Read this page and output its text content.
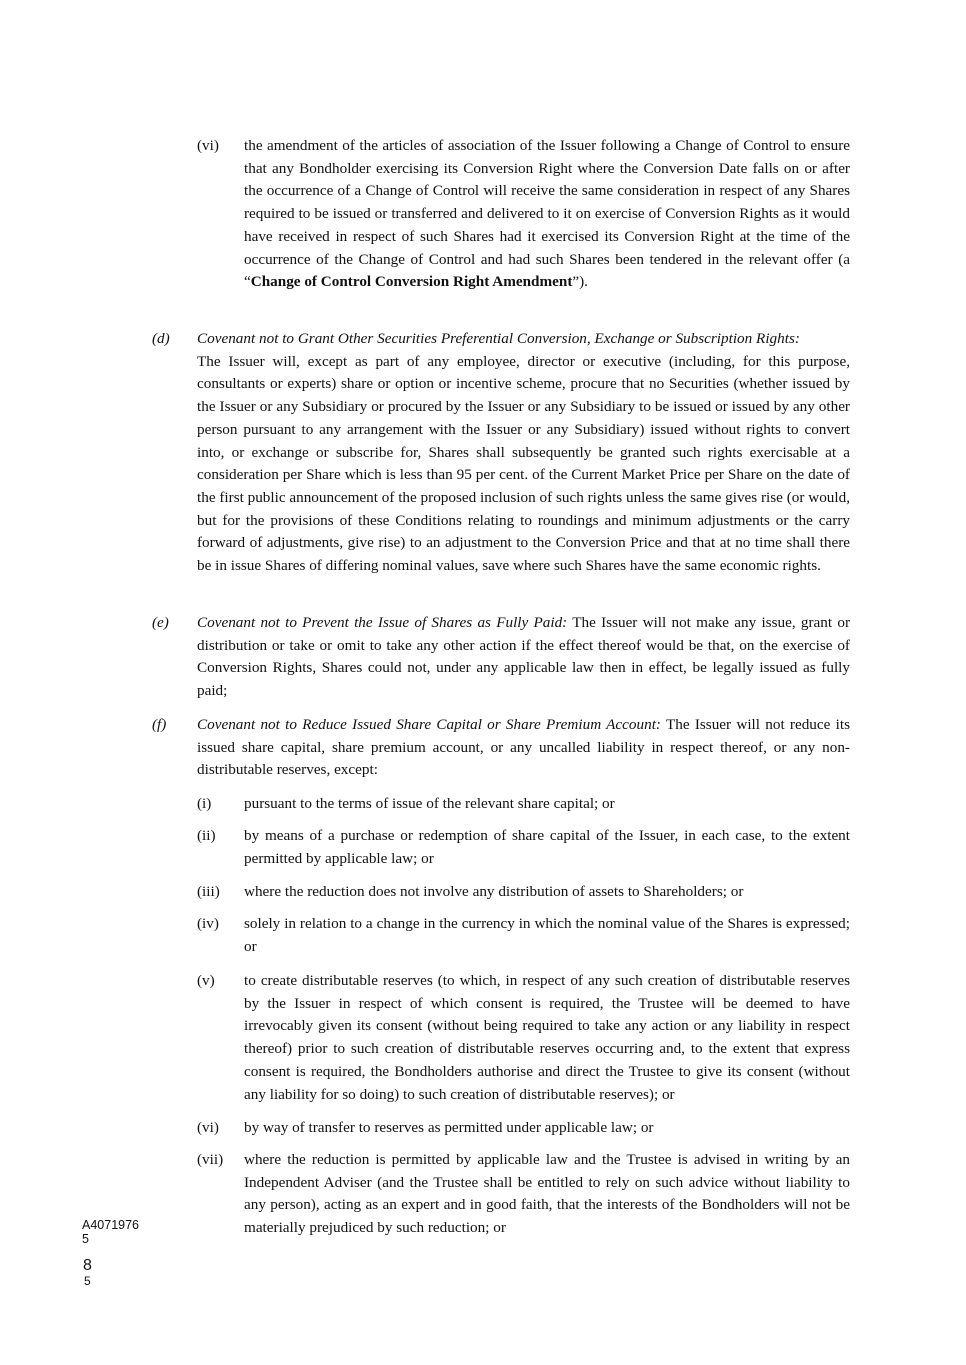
(vi) the amendment of the articles of association of the Issuer following a Change of Control to ensure that any Bondholder exercising its Conversion Right where the Conversion Date falls on or after the occurrence of a Change of Control will receive the same consideration in respect of any Shares required to be issued or transferred and delivered to it on exercise of Conversion Rights as it would have received in respect of such Shares had it exercised its Conversion Right at the time of the occurrence of the Change of Control and had such Shares been tendered in the relevant offer (a “Change of Control Conversion Right Amendment”).

(d) Covenant not to Grant Other Securities Preferential Conversion, Exchange or Subscription Rights:
The Issuer will, except as part of any employee, director or executive (including, for this purpose, consultants or experts) share or option or incentive scheme, procure that no Securities (whether issued by the Issuer or any Subsidiary or procured by the Issuer or any Subsidiary to be issued or issued by any other person pursuant to any arrangement with the Issuer or any Subsidiary) issued without rights to convert into, or exchange or subscribe for, Shares shall subsequently be granted such rights exercisable at a consideration per Share which is less than 95 per cent. of the Current Market Price per Share on the date of the first public announcement of the proposed inclusion of such rights unless the same gives rise (or would, but for the provisions of these Conditions relating to roundings and minimum adjustments or the carry forward of adjustments, give rise) to an adjustment to the Conversion Price and that at no time shall there be in issue Shares of differing nominal values, save where such Shares have the same economic rights.

(e) Covenant not to Prevent the Issue of Shares as Fully Paid: The Issuer will not make any issue, grant or distribution or take or omit to take any other action if the effect thereof would be that, on the exercise of Conversion Rights, Shares could not, under any applicable law then in effect, be legally issued as fully paid;

(f) Covenant not to Reduce Issued Share Capital or Share Premium Account: The Issuer will not reduce its issued share capital, share premium account, or any uncalled liability in respect thereof, or any non-distributable reserves, except:

(i) pursuant to the terms of issue of the relevant share capital; or

(ii) by means of a purchase or redemption of share capital of the Issuer, in each case, to the extent permitted by applicable law; or

(iii) where the reduction does not involve any distribution of assets to Shareholders; or

(iv) solely in relation to a change in the currency in which the nominal value of the Shares is expressed; or

(v) to create distributable reserves (to which, in respect of any such creation of distributable reserves by the Issuer in respect of which consent is required, the Trustee will be deemed to have irrevocably given its consent (without being required to take any action or any liability in respect thereof) prior to such creation of distributable reserves occurring and, to the extent that express consent is required, the Bondholders authorise and direct the Trustee to give its consent (without any liability for so doing) to such creation of distributable reserves); or

(vi) by way of transfer to reserves as permitted under applicable law; or

(vii) where the reduction is permitted by applicable law and the Trustee is advised in writing by an Independent Adviser (and the Trustee shall be entitled to rely on such advice without liability to any person), acting as an expert and in good faith, that the interests of the Bondholders will not be materially prejudiced by such reduction; or

A4071976
5
8
5
